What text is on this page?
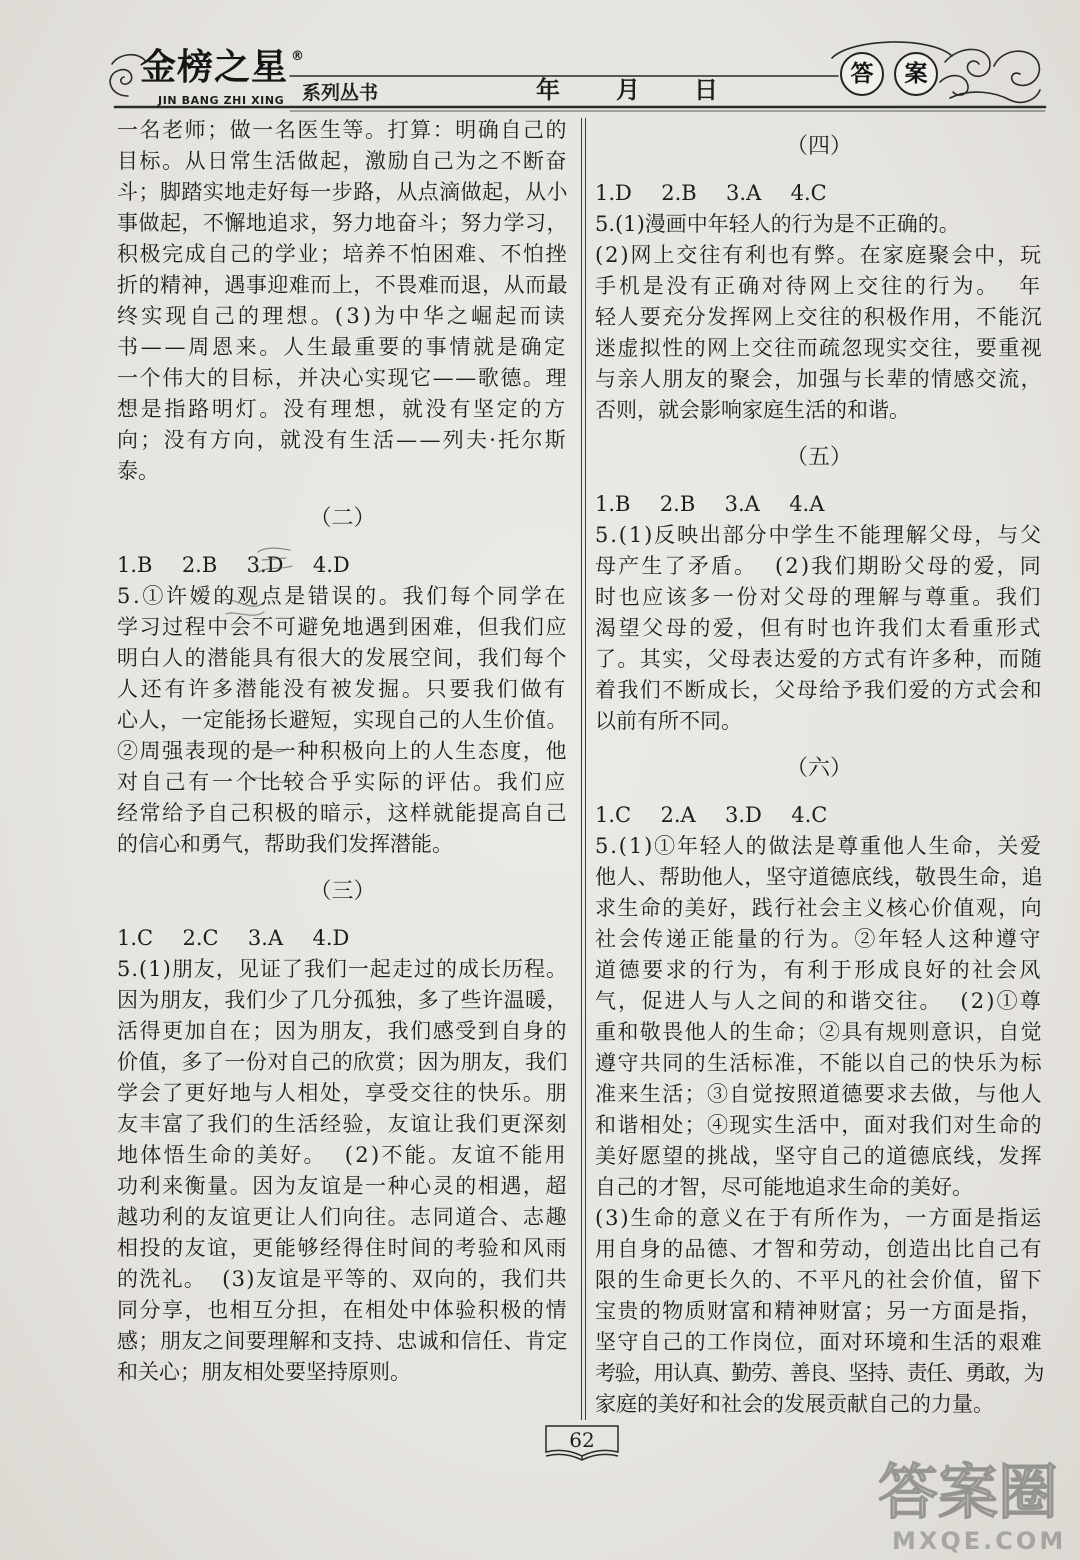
金榜之星 ®
JIN BANG ZHI XING 系列丛书	年 月 日
答	案
一名老师；做一名医生等。打算：明确自己的
目标。从日常生活做起，激励自己为之不断奋
斗；脚踏实地走好每一步路，从点滴做起，从小
事做起，不懈地追求，努力地奋斗；努力学习，
积极完成自己的学业；培养不怕困难、不怕挫
折的精神，遇事迎难而上，不畏难而退，从而最
终实现自己的理想。(3)为中华之崛起而读
书——周恩来。人生最重要的事情就是确定
一个伟大的目标，并决心实现它——歌德。理
想是指路明灯。没有理想，就没有坚定的方
向；没有方向，就没有生活——列夫·托尔斯
泰。
（二）
1.B  2.B  3.D  4.D
5.①许嫒的观点是错误的。我们每个同学在
学习过程中会不可避免地遇到困难，但我们应
明白人的潜能具有很大的发展空间，我们每个
人还有许多潜能没有被发掘。只要我们做有
心人，一定能扬长避短，实现自己的人生价值。
②周强表现的是一种积极向上的人生态度，他
对自己有一个比较合乎实际的评估。我们应
经常给予自己积极的暗示，这样就能提高自己
的信心和勇气，帮助我们发挥潜能。
（三）
1.C  2.C  3.A  4.D
5.(1)朋友，见证了我们一起走过的成长历程。
因为朋友，我们少了几分孤独，多了些许温暖，
活得更加自在；因为朋友，我们感受到自身的
价值，多了一份对自己的欣赏；因为朋友，我们
学会了更好地与人相处，享受交往的快乐。朋
友丰富了我们的生活经验，友谊让我们更深刻
地体悟生命的美好。  (2)不能。友谊不能用
功利来衡量。因为友谊是一种心灵的相遇，超
越功利的友谊更让人们向往。志同道合、志趣
相投的友谊，更能够经得住时间的考验和风雨
的洗礼。  (3)友谊是平等的、双向的，我们共
同分享，也相互分担，在相处中体验积极的情
感；朋友之间要理解和支持、忠诚和信任、肯定
和关心；朋友相处要坚持原则。
（四）
1.D  2.B  3.A  4.C
5.(1)漫画中年轻人的行为是不正确的。
(2)网上交往有利也有弊。在家庭聚会中，玩
手机是没有正确对待网上交往的行为。  年
轻人要充分发挥网上交往的积极作用，不能沉
迷虚拟性的网上交往而疏忽现实交往，要重视
与亲人朋友的聚会，加强与长辈的情感交流，
否则，就会影响家庭生活的和谐。
（五）
1.B  2.B  3.A  4.A
5.(1)反映出部分中学生不能理解父母，与父
母产生了矛盾。  (2)我们期盼父母的爱，同
时也应该多一份对父母的理解与尊重。我们
渴望父母的爱，但有时也许我们太看重形式
了。其实，父母表达爱的方式有许多种，而随
着我们不断成长，父母给予我们爱的方式会和
以前有所不同。
（六）
1.C  2.A  3.D  4.C
5.(1)①年轻人的做法是尊重他人生命，关爱
他人、帮助他人，坚守道德底线，敬畏生命，追
求生命的美好，践行社会主义核心价值观，向
社会传递正能量的行为。②年轻人这种遵守
道德要求的行为，有利于形成良好的社会风
气，促进人与人之间的和谐交往。  (2)①尊
重和敬畏他人的生命；②具有规则意识，自觉
遵守共同的生活标准，不能以自己的快乐为标
准来生活；③自觉按照道德要求去做，与他人
和谐相处；④现实生活中，面对我们对生命的
美好愿望的挑战，坚守自己的道德底线，发挥
自己的才智，尽可能地追求生命的美好。
(3)生命的意义在于有所作为，一方面是指运
用自身的品德、才智和劳动，创造出比自己有
限的生命更长久的、不平凡的社会价值，留下
宝贵的物质财富和精神财富；另一方面是指，
坚守自己的工作岗位，面对环境和生活的艰难
考验，用认真、勤劳、善良、坚持、责任、勇敢，为
家庭的美好和社会的发展贡献自己的力量。
62
答案圈
MXQE.COM
